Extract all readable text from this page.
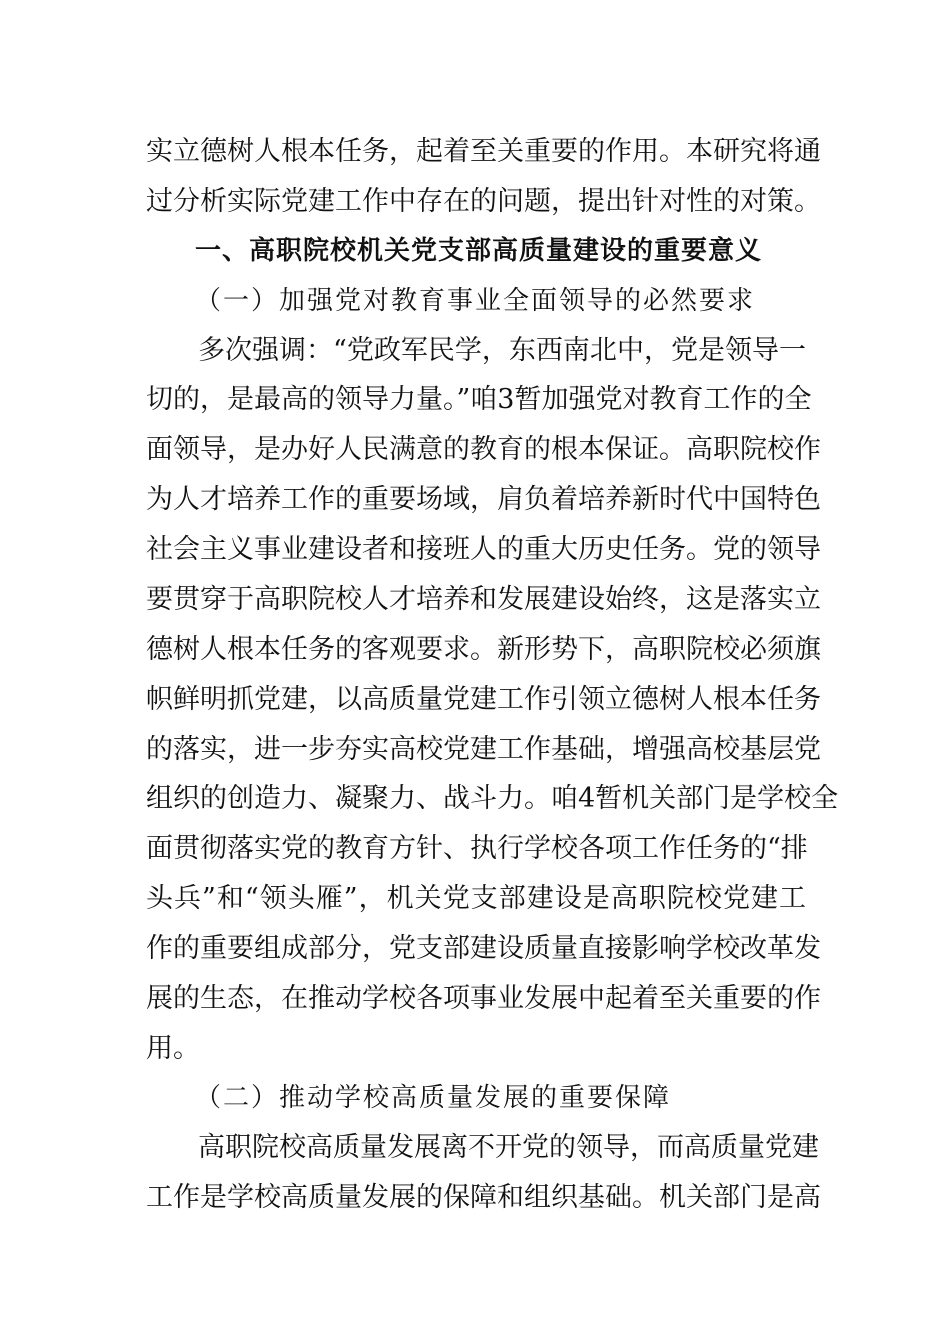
实立德树人根本任务，起着至关重要的作用。本研究将通
过分析实际党建工作中存在的问题，提出针对性的对策。
一、高职院校机关党支部高质量建设的重要意义
（一）加强党对教育事业全面领导的必然要求
多次强调：“党政军民学，东西南北中，党是领导一
切的，是最高的领导力量。”咱3暂加强党对教育工作的全
面领导，是办好人民满意的教育的根本保证。高职院校作
为人才培养工作的重要场域，肩负着培养新时代中国特色
社会主义事业建设者和接班人的重大历史任务。党的领导
要贯穿于高职院校人才培养和发展建设始终，这是落实立
德树人根本任务的客观要求。新形势下，高职院校必须旗
帜鲜明抓党建，以高质量党建工作引领立德树人根本任务
的落实，进一步夯实高校党建工作基础，增强高校基层党
组织的创造力、凝聚力、战斗力。咱4暂机关部门是学校全
面贯彻落实党的教育方针、执行学校各项工作任务的“排
头兵”和“领头雁”，机关党支部建设是高职院校党建工
作的重要组成部分，党支部建设质量直接影响学校改革发
展的生态，在推动学校各项事业发展中起着至关重要的作
用。
（二）推动学校高质量发展的重要保障
高职院校高质量发展离不开党的领导，而高质量党建
工作是学校高质量发展的保障和组织基础。机关部门是高
